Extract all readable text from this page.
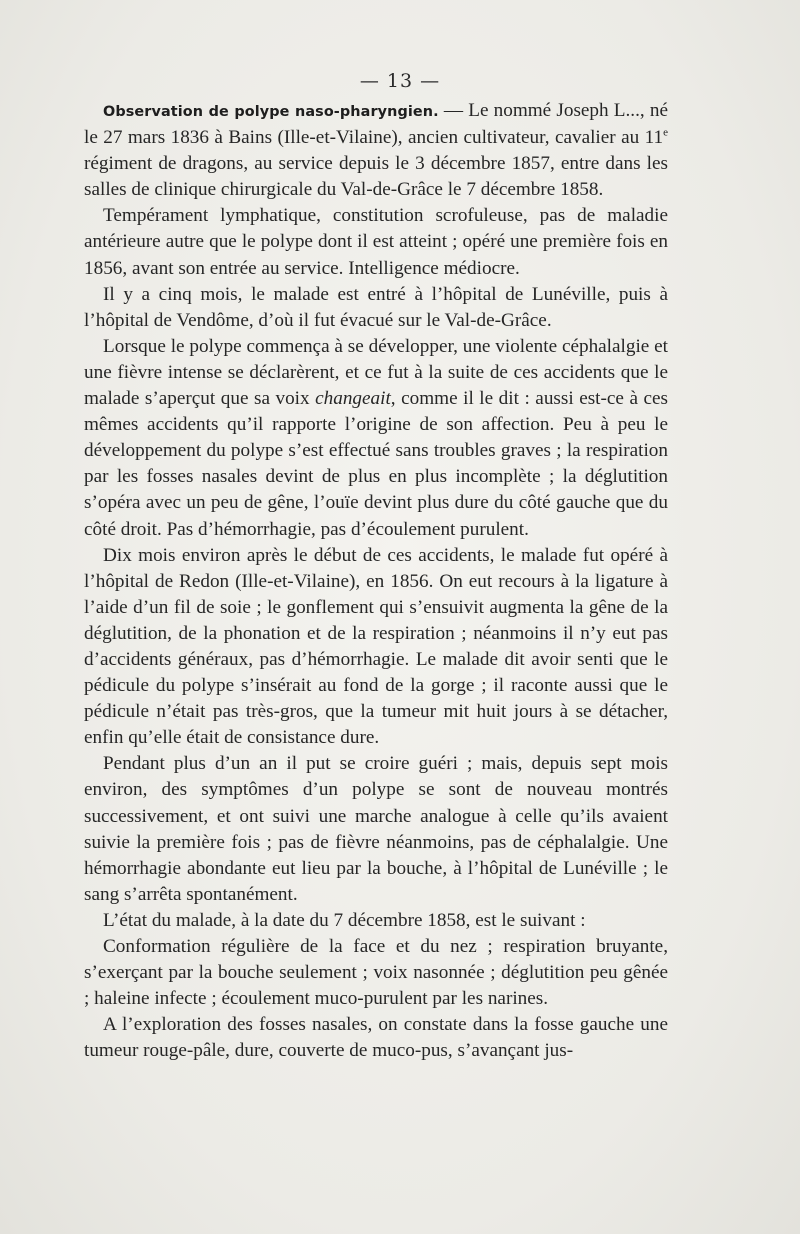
— 13 —

Observation de polype naso-pharyngien. — Le nommé Joseph L..., né le 27 mars 1836 à Bains (Ille-et-Vilaine), ancien cultivateur, cavalier au 11e régiment de dragons, au service depuis le 3 décembre 1857, entre dans les salles de clinique chirurgicale du Val-de-Grâce le 7 décembre 1858.

Tempérament lymphatique, constitution scrofuleuse, pas de maladie antérieure autre que le polype dont il est atteint ; opéré une première fois en 1856, avant son entrée au service. Intelligence médiocre.

Il y a cinq mois, le malade est entré à l’hôpital de Lunéville, puis à l’hôpital de Vendôme, d’où il fut évacué sur le Val-de-Grâce.

Lorsque le polype commença à se développer, une violente céphalalgie et une fièvre intense se déclarèrent, et ce fut à la suite de ces accidents que le malade s’aperçut que sa voix changeait, comme il le dit : aussi est-ce à ces mêmes accidents qu’il rapporte l’origine de son affection. Peu à peu le développement du polype s’est effectué sans troubles graves ; la respiration par les fosses nasales devint de plus en plus incomplète ; la déglutition s’opéra avec un peu de gêne, l’ouïe devint plus dure du côté gauche que du côté droit. Pas d’hémorrhagie, pas d’écoulement purulent.

Dix mois environ après le début de ces accidents, le malade fut opéré à l’hôpital de Redon (Ille-et-Vilaine), en 1856. On eut recours à la ligature à l’aide d’un fil de soie ; le gonflement qui s’ensuivit augmenta la gêne de la déglutition, de la phonation et de la respiration ; néanmoins il n’y eut pas d’accidents généraux, pas d’hémorrhagie. Le malade dit avoir senti que le pédicule du polype s’insérait au fond de la gorge ; il raconte aussi que le pédicule n’était pas très-gros, que la tumeur mit huit jours à se détacher, enfin qu’elle était de consistance dure.

Pendant plus d’un an il put se croire guéri ; mais, depuis sept mois environ, des symptômes d’un polype se sont de nouveau montrés successivement, et ont suivi une marche analogue à celle qu’ils avaient suivie la première fois ; pas de fièvre néanmoins, pas de céphalalgie. Une hémorrhagie abondante eut lieu par la bouche, à l’hôpital de Lunéville ; le sang s’arrêta spontanément.

L’état du malade, à la date du 7 décembre 1858, est le suivant :

Conformation régulière de la face et du nez ; respiration bruyante, s’exerçant par la bouche seulement ; voix nasonnée ; déglutition peu gênée ; haleine infecte ; écoulement muco-purulent par les narines.

A l’exploration des fosses nasales, on constate dans la fosse gauche une tumeur rouge-pâle, dure, couverte de muco-pus, s’avançant jus-
